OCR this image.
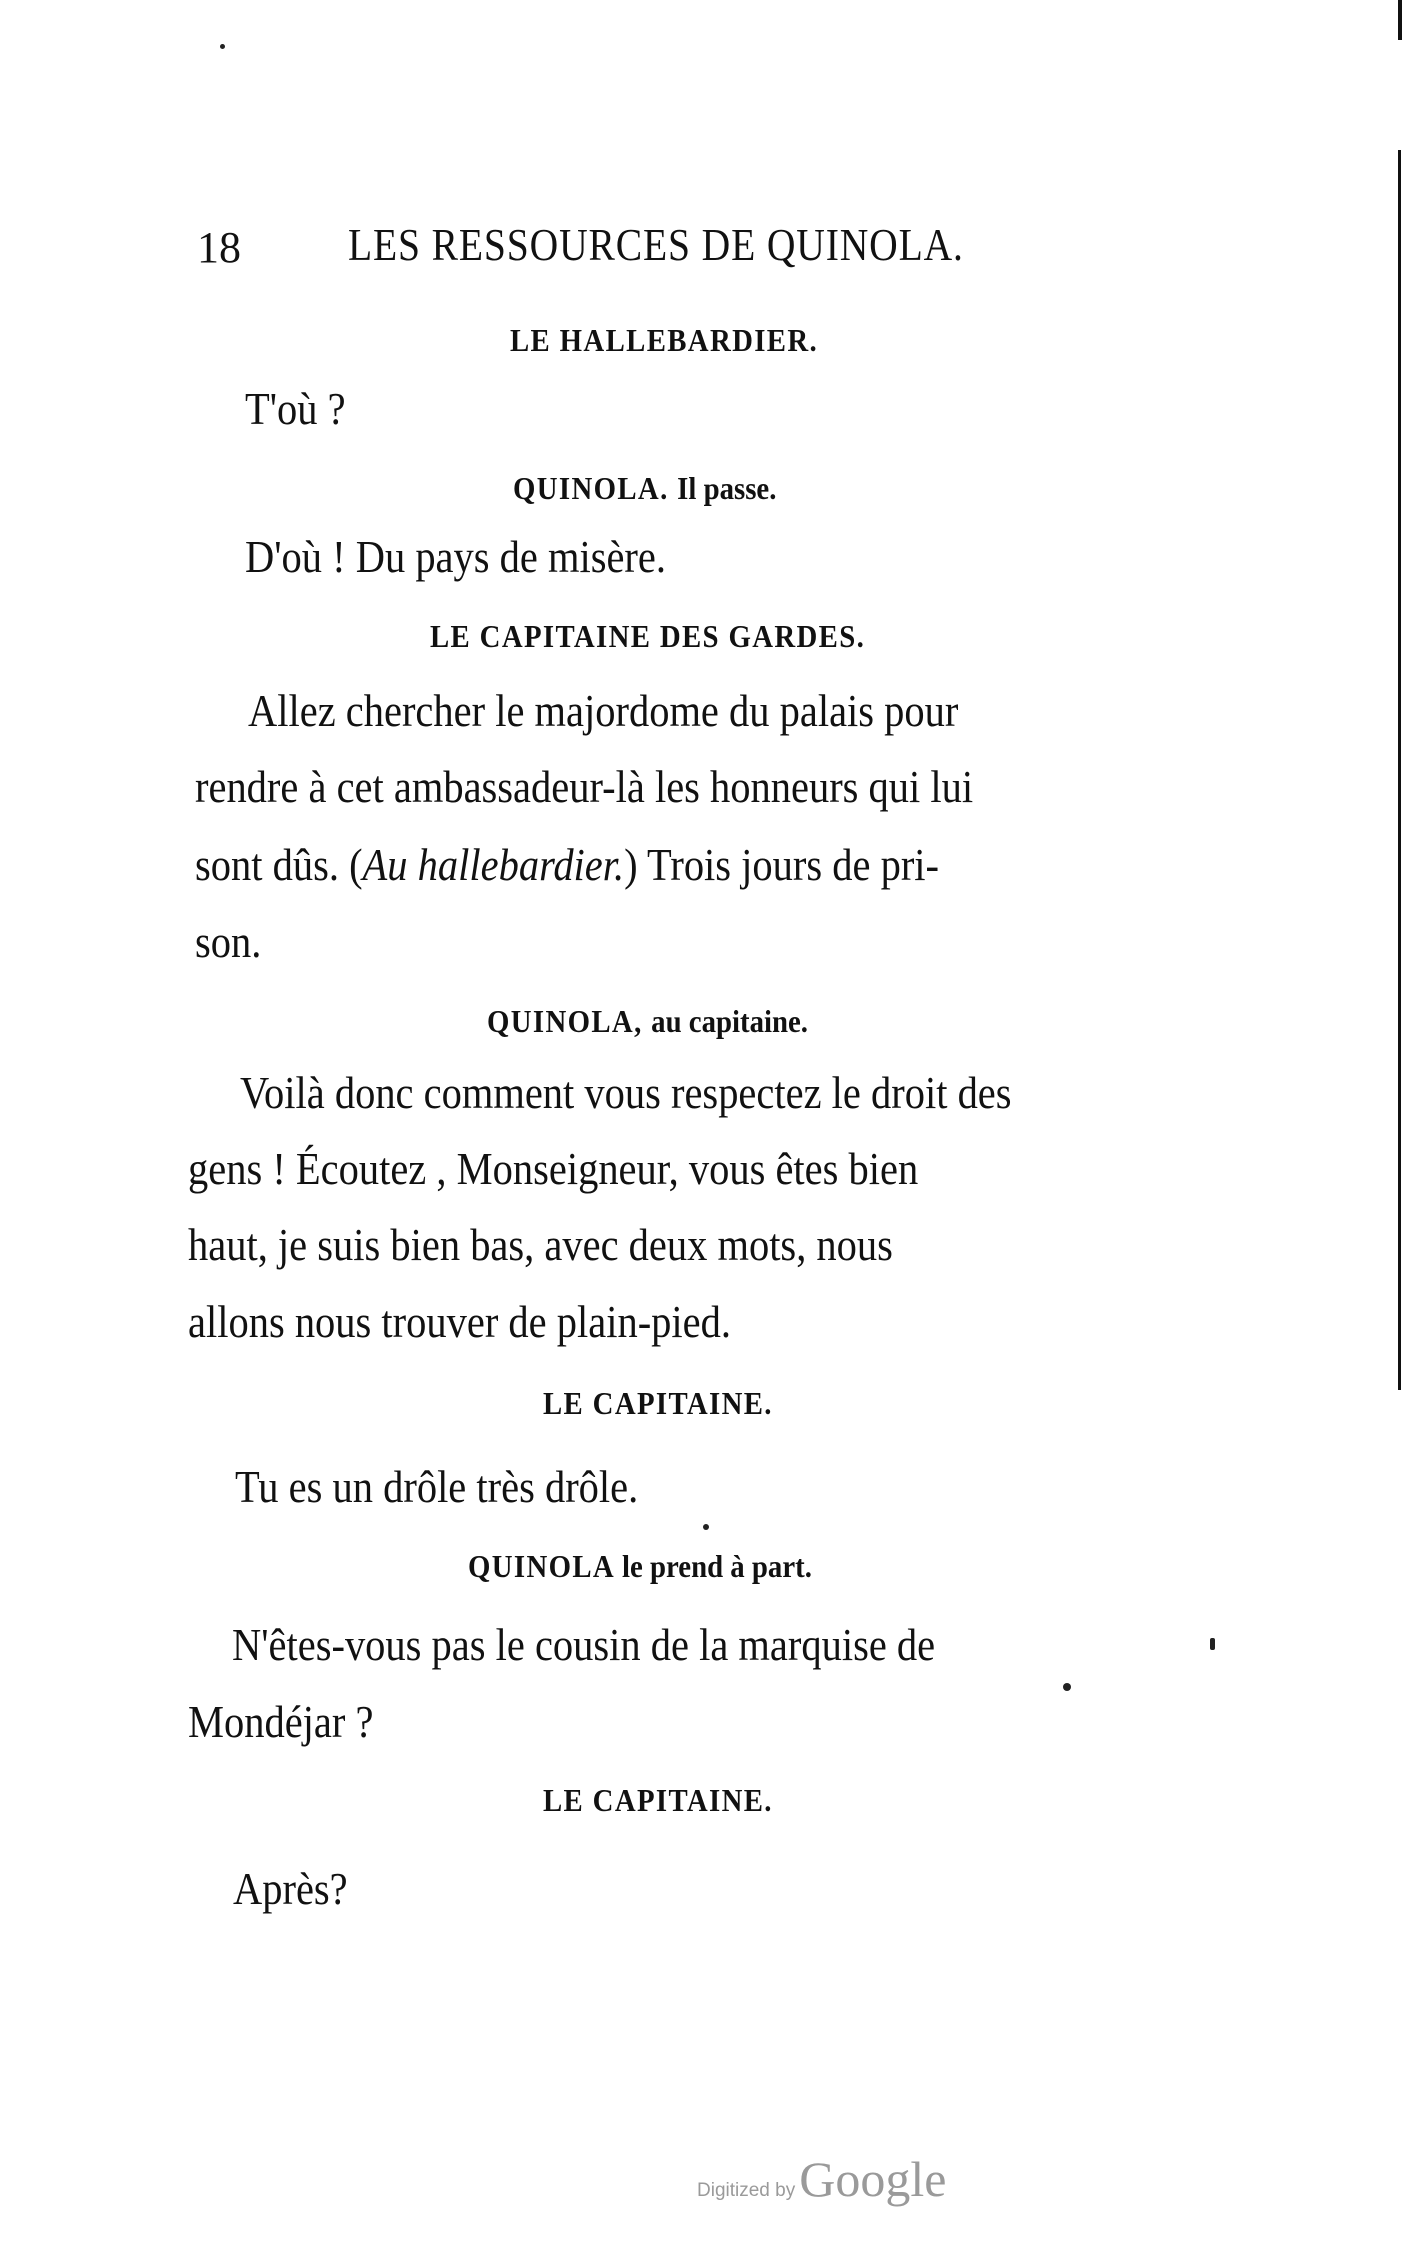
18 LES RESSOURCES DE QUINOLA.
LE HALLEBARDIER.
T'où ?
QUINOLA. Il passe.
D'où ! Du pays de misère.
LE CAPITAINE DES GARDES.
Allez chercher le majordome du palais pour
rendre à cet ambassadeur-là les honneurs qui lui
sont dûs. (Au hallebardier.) Trois jours de pri-
son.
QUINOLA, au capitaine.
Voilà donc comment vous respectez le droit des
gens ! Écoutez , Monseigneur, vous êtes bien
haut, je suis bien bas, avec deux mots, nous
allons nous trouver de plain-pied.
LE CAPITAINE.
Tu es un drôle très drôle.
QUINOLA le prend à part.
N'êtes-vous pas le cousin de la marquise de
Mondéjar ?
LE CAPITAINE.
Après?
Digitized by Google
